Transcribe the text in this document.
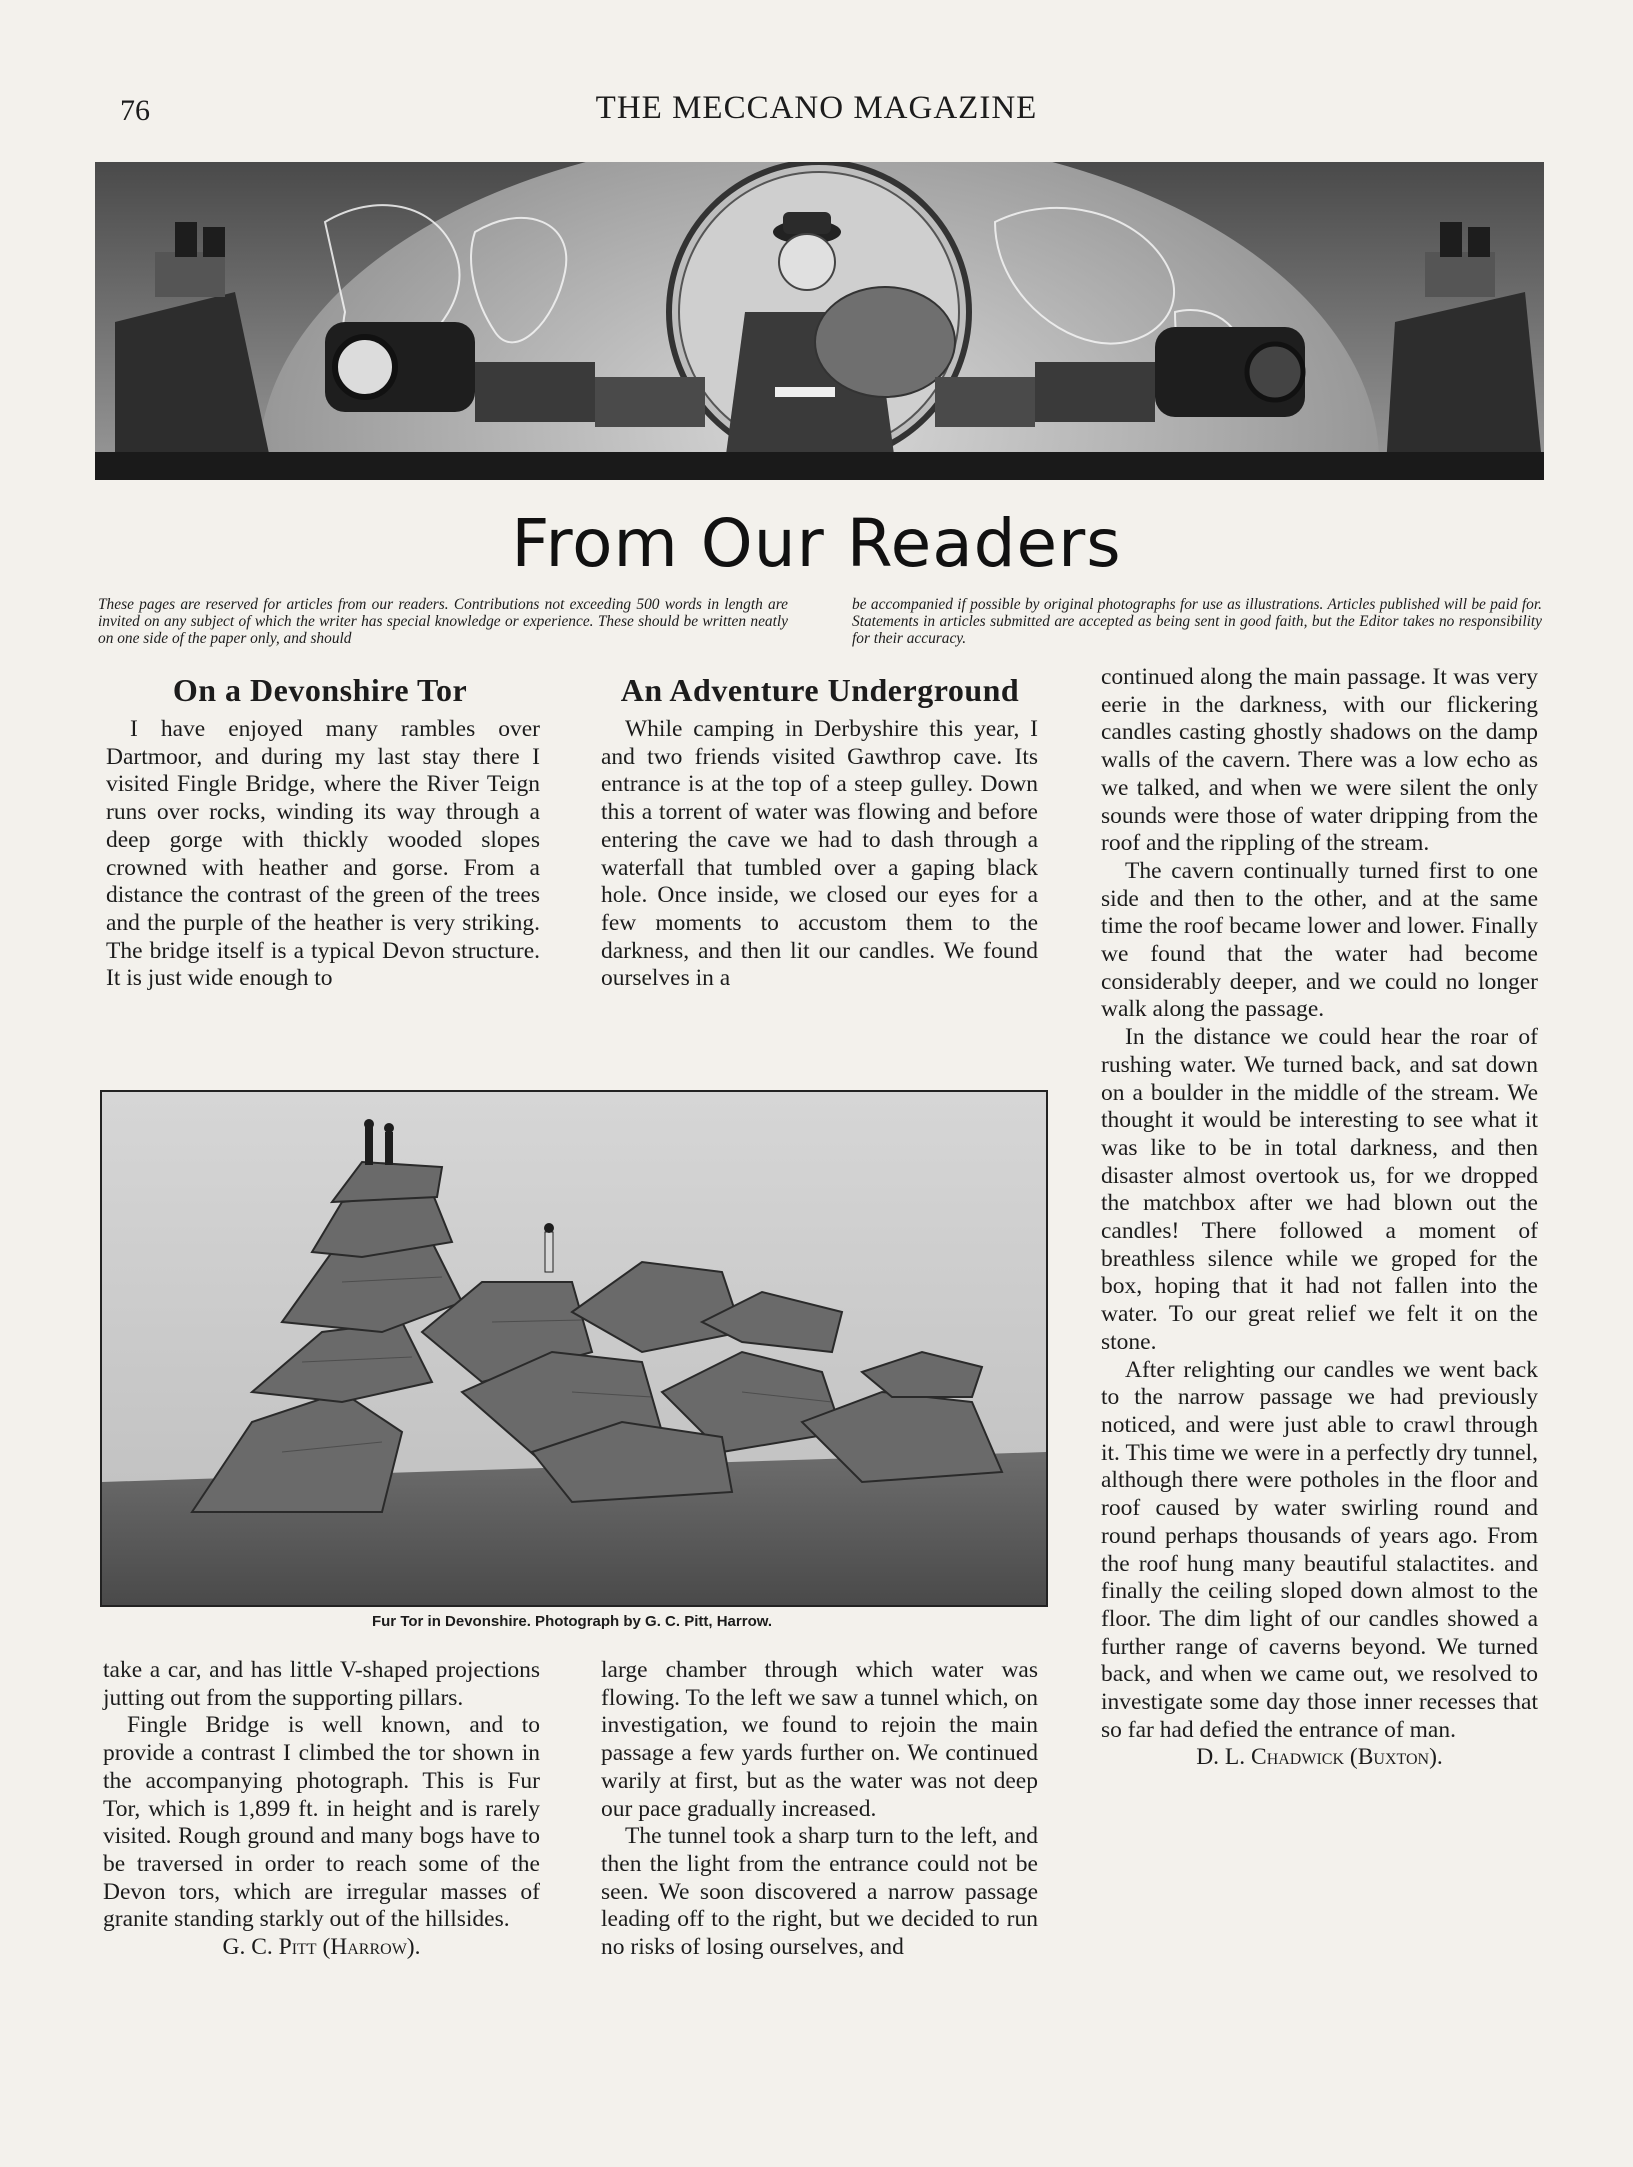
76	THE MECCANO MAGAZINE
From Our Readers
These pages are reserved for articles from our readers. Contributions not exceeding 500 words in length are invited on any subject of which the writer has special knowledge or experience. These should be written neatly on one side of the paper only, and should
be accompanied if possible by original photographs for use as illustrations. Articles published will be paid for. Statements in articles submitted are accepted as being sent in good faith, but the Editor takes no responsibility for their accuracy.
On a Devonshire Tor	An Adventure Underground

I have enjoyed many rambles over Dartmoor, and during my last stay there I visited Fingle Bridge, where the River Teign runs over rocks, winding its way through a deep gorge with thickly wooded slopes crowned with heather and gorse. From a distance the contrast of the green of the trees and the purple of the heather is very striking. The bridge itself is a typical Devon structure. It is just wide enough to

While camping in Derbyshire this year, I and two friends visited Gawthrop cave. Its entrance is at the top of a steep gulley. Down this a torrent of water was flowing and before entering the cave we had to dash through a waterfall that tumbled over a gaping black hole. Once inside, we closed our eyes for a few moments to accustom them to the darkness, and then lit our candles. We found ourselves in a

Fur Tor in Devonshire. Photograph by G. C. Pitt, Harrow.

take a car, and has little V-shaped projections jutting out from the supporting pillars.

Fingle Bridge is well known, and to provide a contrast I climbed the tor shown in the accompanying photograph. This is Fur Tor, which is 1,899 ft. in height and is rarely visited. Rough ground and many bogs have to be traversed in order to reach some of the Devon tors, which are irregular masses of granite standing starkly out of the hillsides.

G. C. Pitt (Harrow).

large chamber through which water was flowing. To the left we saw a tunnel which, on investigation, we found to rejoin the main passage a few yards further on. We continued warily at first, but as the water was not deep our pace gradually increased.

The tunnel took a sharp turn to the left, and then the light from the entrance could not be seen. We soon discovered a narrow passage leading off to the right, but we decided to run no risks of losing ourselves, and

continued along the main passage. It was very eerie in the darkness, with our flickering candles casting ghostly shadows on the damp walls of the cavern. There was a low echo as we talked, and when we were silent the only sounds were those of water dripping from the roof and the rippling of the stream.

The cavern continually turned first to one side and then to the other, and at the same time the roof became lower and lower. Finally we found that the water had become considerably deeper, and we could no longer walk along the passage.

In the distance we could hear the roar of rushing water. We turned back, and sat down on a boulder in the middle of the stream. We thought it would be interesting to see what it was like to be in total darkness, and then disaster almost overtook us, for we dropped the matchbox after we had blown out the candles! There followed a moment of breathless silence while we groped for the box, hoping that it had not fallen into the water. To our great relief we felt it on the stone.

After relighting our candles we went back to the narrow passage we had previously noticed, and were just able to crawl through it. This time we were in a perfectly dry tunnel, although there were potholes in the floor and roof caused by water swirling round and round perhaps thousands of years ago. From the roof hung many beautiful stalactites. and finally the ceiling sloped down almost to the floor. The dim light of our candles showed a further range of caverns beyond. We turned back, and when we came out, we resolved to investigate some day those inner recesses that so far had defied the entrance of man.

D. L. Chadwick (Buxton).
